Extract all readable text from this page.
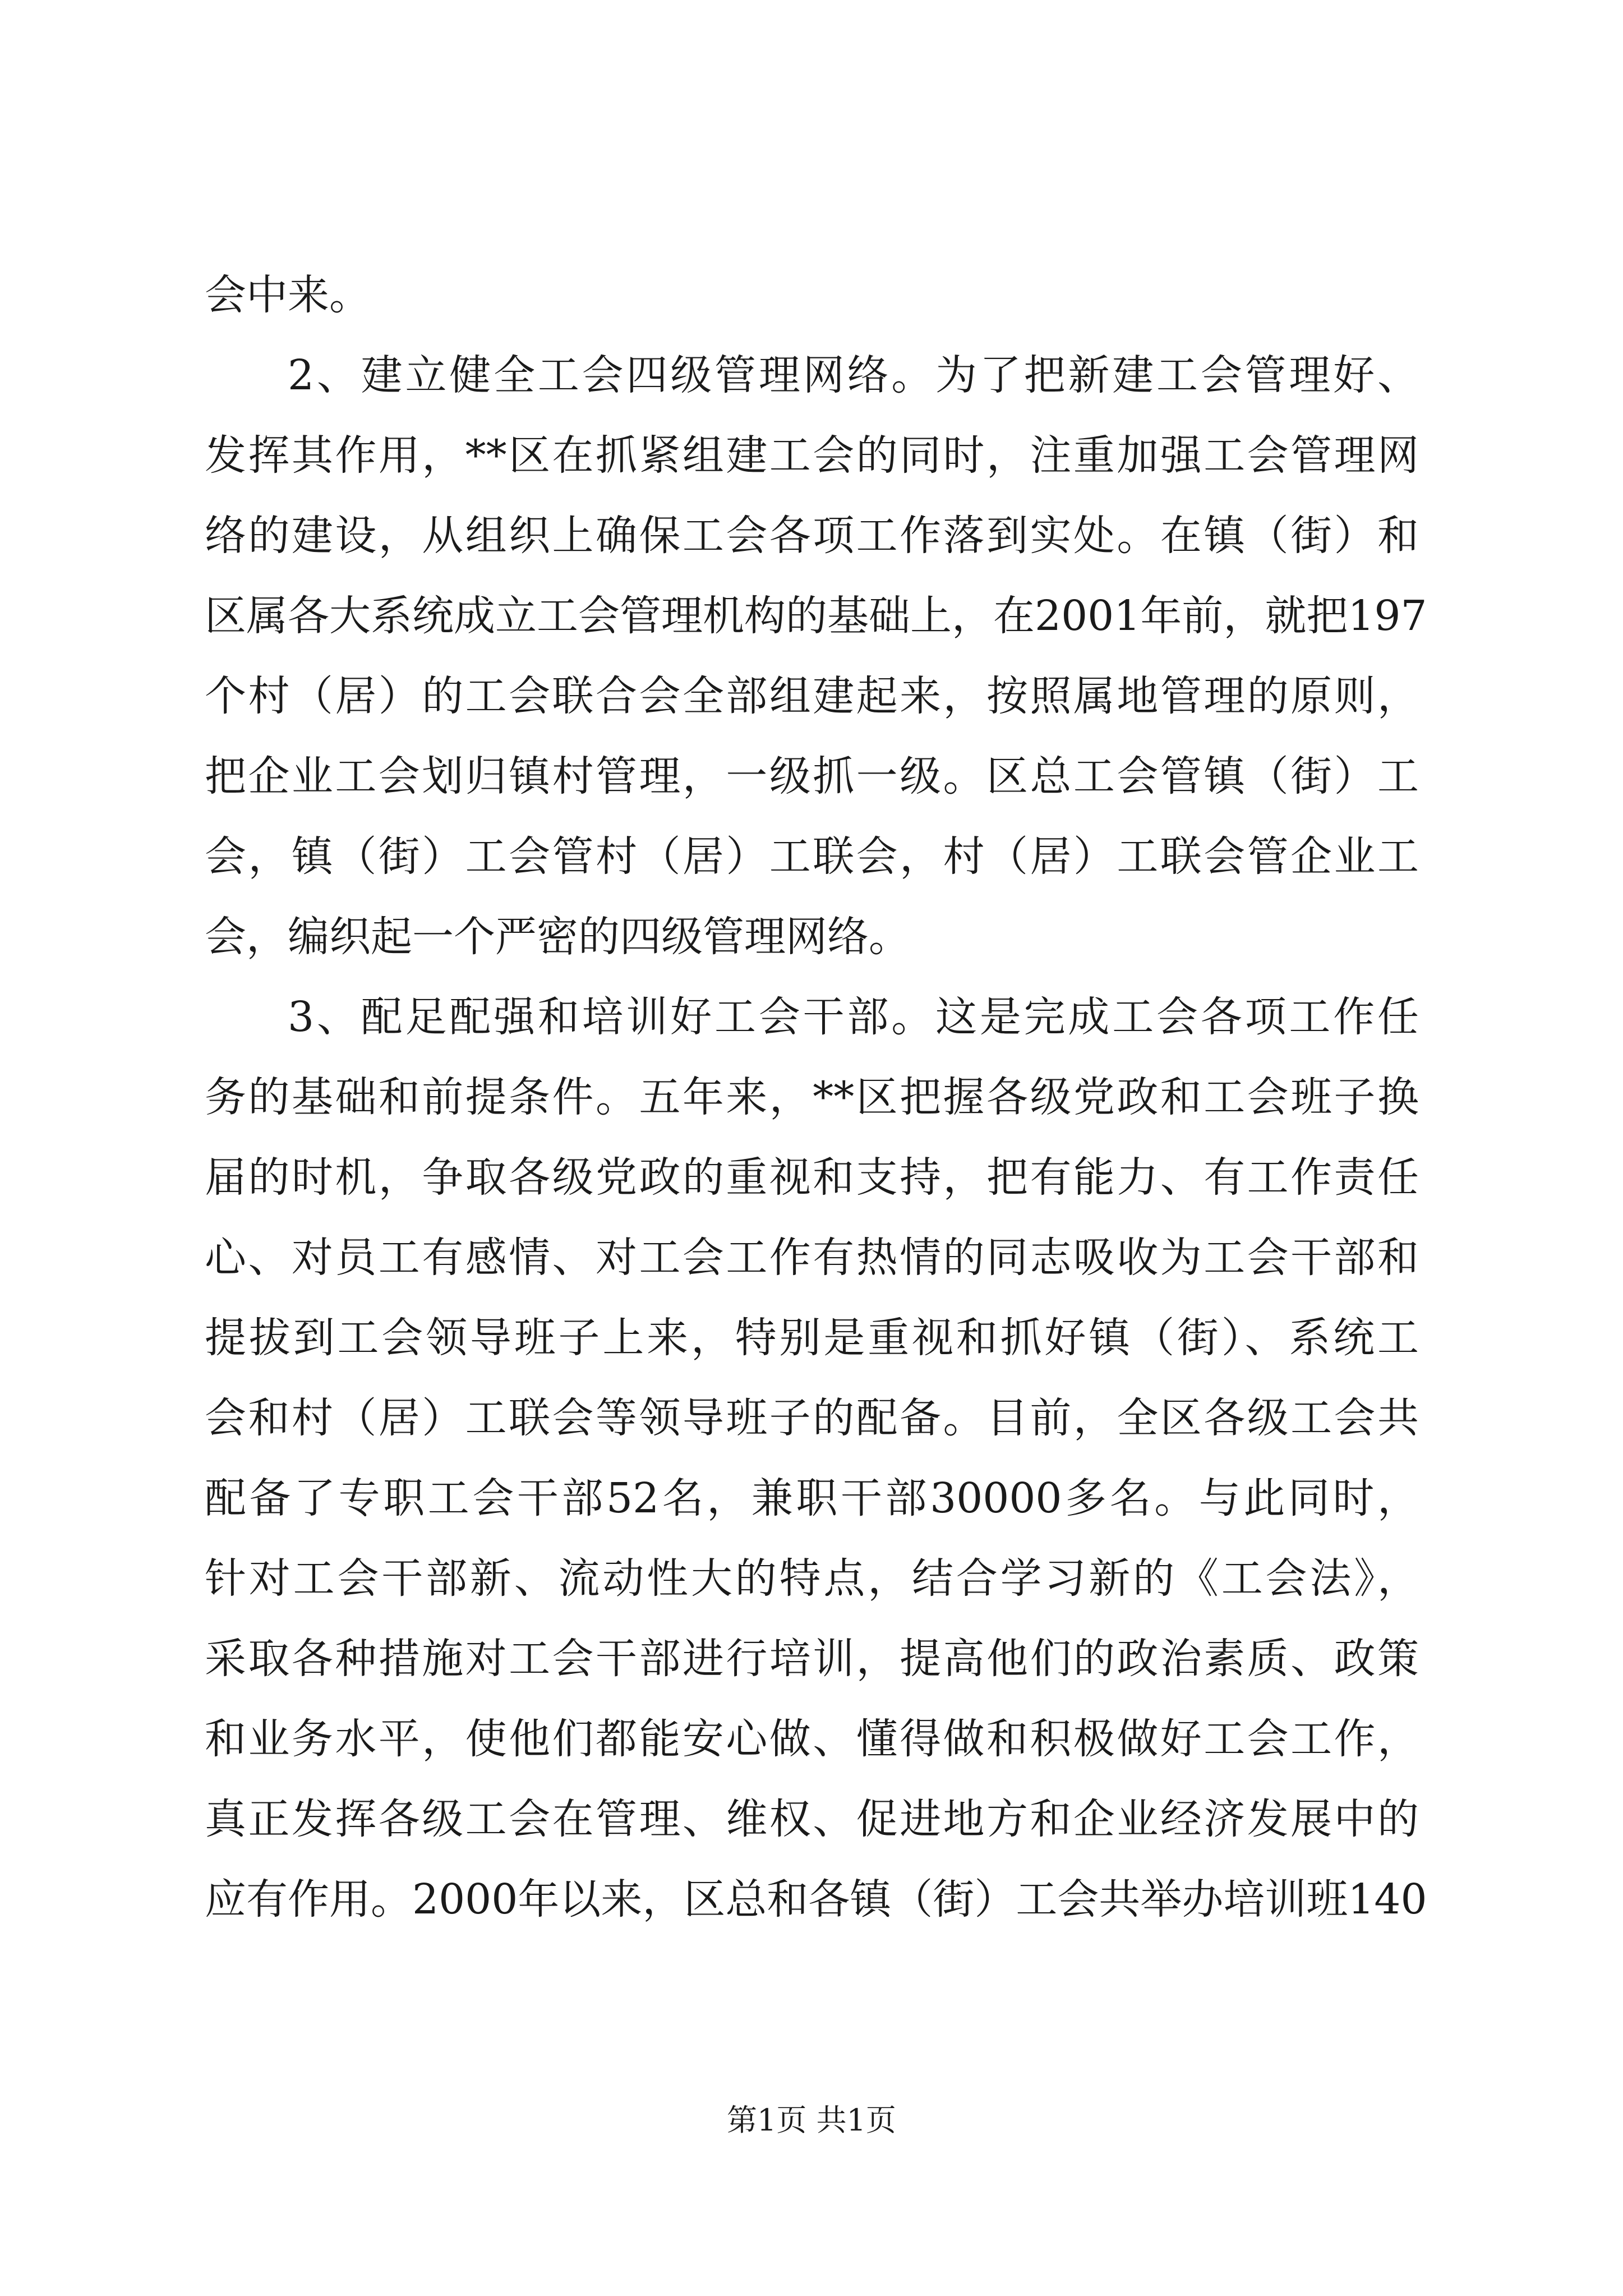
会中来。
2、建立健全工会四级管理网络。为了把新建工会管理好、
发挥其作用，**区在抓紧组建工会的同时，注重加强工会管理网
络的建设，从组织上确保工会各项工作落到实处。在镇（街）和
区属各大系统成立工会管理机构的基础上，在2001年前，就把197
个村（居）的工会联合会全部组建起来，按照属地管理的原则，
把企业工会划归镇村管理，一级抓一级。区总工会管镇（街）工
会，镇（街）工会管村（居）工联会，村（居）工联会管企业工
会，编织起一个严密的四级管理网络。
3、配足配强和培训好工会干部。这是完成工会各项工作任
务的基础和前提条件。五年来，**区把握各级党政和工会班子换
届的时机，争取各级党政的重视和支持，把有能力、有工作责任
心、对员工有感情、对工会工作有热情的同志吸收为工会干部和
提拔到工会领导班子上来，特别是重视和抓好镇（街）、系统工
会和村（居）工联会等领导班子的配备。目前，全区各级工会共
配备了专职工会干部52名，兼职干部30000多名。与此同时，
针对工会干部新、流动性大的特点，结合学习新的《工会法》，
采取各种措施对工会干部进行培训，提高他们的政治素质、政策
和业务水平，使他们都能安心做、懂得做和积极做好工会工作，
真正发挥各级工会在管理、维权、促进地方和企业经济发展中的
应有作用。2000年以来，区总和各镇（街）工会共举办培训班140
第1页 共1页
